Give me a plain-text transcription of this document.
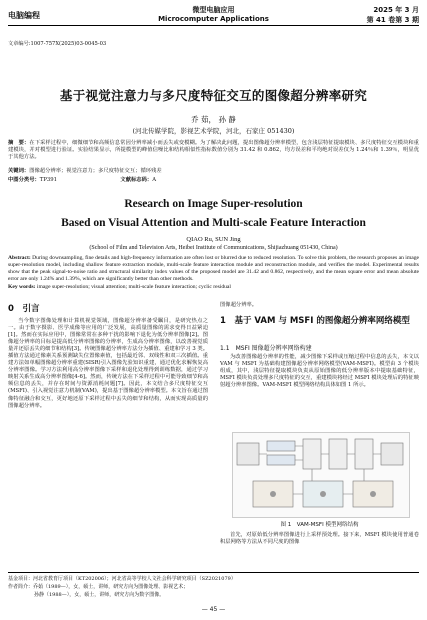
电脑编程
微型电脑应用
Microcomputer Applications
2025 年 3 月
第 41 卷第 3 期
文章编号:1007-757X(2025)03-0045-03
基于视觉注意力与多尺度特征交互的图像超分辨率研究
乔 茹， 孙 静
(河北传媒学院，影视艺术学院，河北，石家庄 051430)
摘　要：在下采样过程中，细微细节和高频信息常因分辨率减小而丢失或变模糊。为了解决此问题，提出图像超分辨率模型，包含浅层特征提取模块、多尺度特征交互模块和重建模块，并对模型进行验证。实验结果显示，所提模型的峰值信噪比和结构相似性指标数值分别为 31.42 和 0.862，均方误差和平均绝对误差仅为 1.24％和 1.39％，明显优于其他方法。
关键词：图像超分辨率；视觉注意力；多尺度特征交互；循环残差
中图分类号：TP391	文献标志码：A
Research on Image Super-resolution
Based on Visual Attention and Multi-scale Feature Interaction
QIAO Ru, SUN Jing
(School of Film and Television Arts, Heibei Institute of Communications, Shijiazhuang 051430, China)
Abstract: During downsampling, fine details and high-frequency information are often lost or blurred due to reduced resolution. To solve this problem, the research proposes an image super-resolution model, including shallow feature extraction module, multi-scale feature interaction module and reconstruction module, and verifies the model. Experimental results show that the peak signal-to-noise ratio and structural similarity index values of the proposed model are 31.42 and 0.862, respectively, and the mean square error and mean absolute error are only 1.24% and 1.39%, which are significantly better than other methods.
Key words: image super-resolution; visual attention; multi-scale feature interaction; cyclic residual
0　 引言
当今数字图像处理和计算机视觉领域，图像超分辨率备受瞩目，是研究热点之一。由于数字摄影、医学成像等应用的广泛发展，高质量图像的需求变得日益紧迫[1]。然而在实际应用中，图像常常在多种干扰的影响下退化为低分辨率图像[2]。图像超分辨率的目标是提高低分辨率图像的分辨率，生成高分辨率图像，以改善视觉质量并还原丢失的细节和结构[3]。传统图像超分辨率方法分为插值、重建和学习 3 类。插值方法通过像素关系预测缺失位置像素值，包括最近邻、双线性和双三次插值。重建方法如单幅图像超分辨率重建(SISR)引入图像先验知识重建，通过优化求解恢复高分辨率图像。学习方法利用高分辨率图像下采样和退化处理得到训练数据，通过学习映射关系生成高分辨率图像[4-6]。然而，传统方法在下采样过程中可能导致细节和高频信息的丢失，并存在时间与资源消耗问题[7]。因此，本文结合多尺度特征交互(MSFI)、引入视觉注意力机制(VAM)，提出基于图像超分辨率模型。本文旨在通过图像特征融合和交互，更好地还原下采样过程中丢失的细节和结构，从而实现高质量的图像超分辨率。
图像超分辨率。
1　 基于 VAM 与 MSFI 的图像超分辨率网络模型
1.1　 MSFI 图像超分辨率网络构建
为改善图像超分辨率的性能，减少图像下采样或压缩过程中信息的丢失，本文以 VAM 与 MSFI 为基础构建图像超分辨率网络模型(VAM-MSFI)。模型由 3 个模块组成，其中，浅层特征提取模块负责从原始图像的低分辨率版本中提取基础特征，MSFI 模块负责处理多尺度特征的交互，重建模块将经过 MSFI 模块处理后的特征映射超分辨率图像。VAM-MSFI 模型网络结构具体如图 1 所示。
图 1　VAM-MSFI 模型网络结构
首先，对原始低分辨率图像进行上采样预处理。接下来，MSFI 模块使用普通卷积层网络等方法从不同尺度的图像
基金项目：河北省教育厅项目（KT202006）；河北省高等学校人文社会科学研究项目（SZ2021079）
作者简介：乔茹（1989—），女，硕士，讲师，研究方向为图像处理、影视艺术；
孙静（1988—），女，硕士，讲师，研究方向为数字图像。
— 45 —
